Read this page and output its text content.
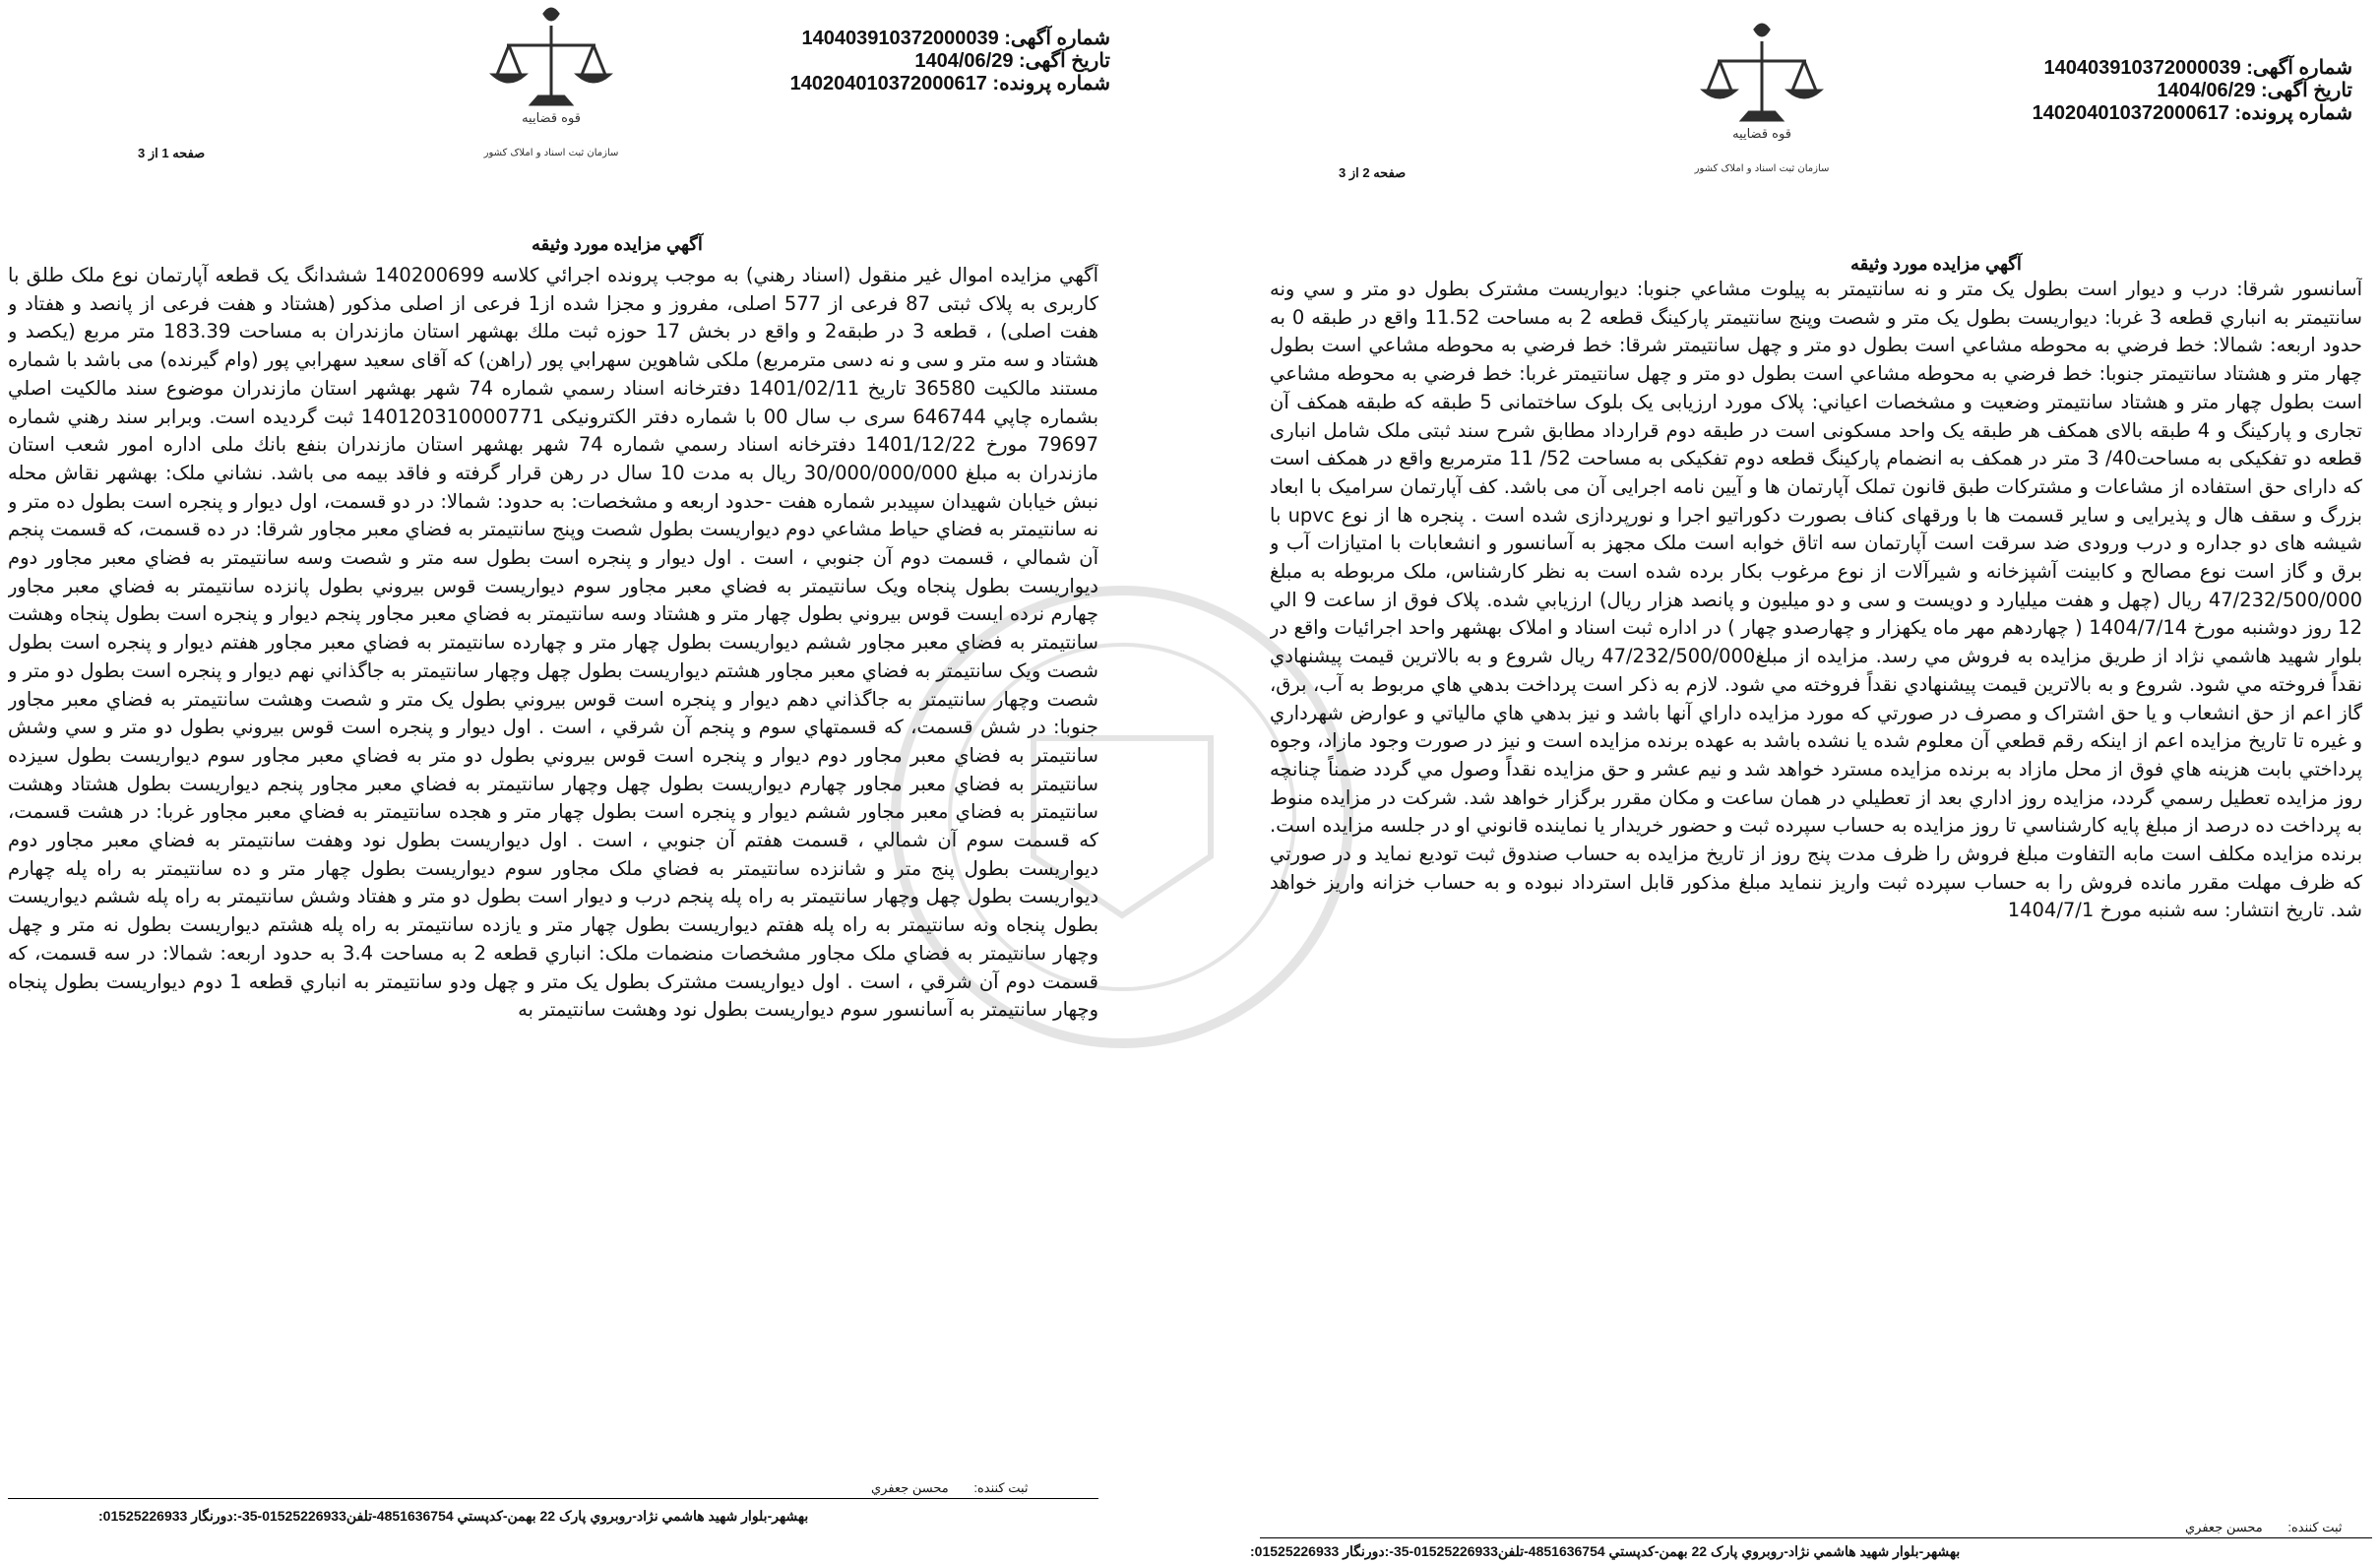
شماره آگهی: 140403910372000039
تاریخ آگهی: 1404/06/29
شماره پرونده: 140204010372000617
قوه قضاییه
سازمان ثبت اسناد و املاک کشور
صفحه 1 از 3
آگهي مزايده مورد وثيقه
آگهي مزايده اموال غير منقول (اسناد رهني) به موجب پرونده اجرائي كلاسه 140200699 ششدانگ يک قطعه آپارتمان نوع ملک طلق با کاربری به پلاک ثبتی 87 فرعی از 577 اصلی، مفروز و مجزا شده از1 فرعی از اصلی مذکور (هشتاد و هفت فرعی از پانصد و هفتاد و هفت اصلی) ، قطعه 3 در طبقه2 و واقع در بخش 17 حوزه ثبت ملك بهشهر استان مازندران به مساحت 183.39 متر مربع (يكصد و هشتاد و سه متر و سی و نه دسی مترمربع) ملكی شاهوين سهرابي پور (راهن) كه آقای سعيد سهرابي پور (وام گيرنده) می باشد با شماره مستند مالكيت 36580 تاريخ 1401/02/11 دفترخانه اسناد رسمي شماره 74 شهر بهشهر استان مازندران موضوع سند مالكيت اصلي بشماره چاپي 646744 سری ب سال 00 با شماره دفتر الكترونيكی 140120310000771 ثبت گرديده است. وبرابر سند رهني شماره 79697 مورخ 1401/12/22 دفترخانه اسناد رسمي شماره 74 شهر بهشهر استان مازندران بنفع بانك ملی اداره امور شعب استان مازندران به مبلغ 30/000/000/000 ريال به مدت 10 سال در رهن قرار گرفته و فاقد بيمه می باشد. نشاني ملک: بهشهر نقاش محله نبش خيابان شهيدان سپيدبر شماره هفت -حدود اربعه و مشخصات: به حدود: شمالا: در دو قسمت، اول ديوار و پنجره است بطول ده متر و نه سانتيمتر به فضاي حياط مشاعي دوم ديواريست بطول شصت وپنج سانتيمتر به فضاي معبر مجاور شرقا: در ده قسمت، كه قسمت پنجم آن شمالي ، قسمت دوم آن جنوبي ، است . اول ديوار و پنجره است بطول سه متر و شصت وسه سانتيمتر به فضاي معبر مجاور دوم ديواريست بطول پنجاه ويک سانتيمتر به فضاي معبر مجاور سوم ديواريست قوس بيروني بطول پانزده سانتيمتر به فضاي معبر مجاور چهارم نرده ايست قوس بيروني بطول چهار متر و هشتاد وسه سانتيمتر به فضاي معبر مجاور پنجم ديوار و پنجره است بطول پنجاه وهشت سانتيمتر به فضاي معبر مجاور ششم ديواريست بطول چهار متر و چهارده سانتيمتر به فضاي معبر مجاور هفتم ديوار و پنجره است بطول شصت ويک سانتيمتر به فضاي معبر مجاور هشتم ديواريست بطول چهل وچهار سانتيمتر به جاگذاني نهم ديوار و پنجره است بطول دو متر و شصت وچهار سانتيمتر به جاگذاني دهم ديوار و پنجره است قوس بيروني بطول يک متر و شصت وهشت سانتيمتر به فضاي معبر مجاور جنوبا: در شش قسمت، كه قسمتهاي سوم و پنجم آن شرقي ، است . اول ديوار و پنجره است قوس بيروني بطول دو متر و سي وشش سانتيمتر به فضاي معبر مجاور دوم ديوار و پنجره است قوس بيروني بطول دو متر به فضاي معبر مجاور سوم ديواريست بطول سيزده سانتيمتر به فضاي معبر مجاور چهارم ديواريست بطول چهل وچهار سانتيمتر به فضاي معبر مجاور پنجم ديواريست بطول هشتاد وهشت سانتيمتر به فضاي معبر مجاور ششم ديوار و پنجره است بطول چهار متر و هجده سانتيمتر به فضاي معبر مجاور غربا: در هشت قسمت، كه قسمت سوم آن شمالي ، قسمت هفتم آن جنوبي ، است . اول ديواريست بطول نود وهفت سانتيمتر به فضاي معبر مجاور دوم ديواريست بطول پنج متر و شانزده سانتيمتر به فضاي ملک مجاور سوم ديواريست بطول چهار متر و ده سانتيمتر به راه پله چهارم ديواريست بطول چهل وچهار سانتيمتر به راه پله پنجم درب و ديوار است بطول دو متر و هفتاد وشش سانتيمتر به راه پله ششم ديواريست بطول پنجاه ونه سانتيمتر به راه پله هفتم ديواريست بطول چهار متر و يازده سانتيمتر به راه پله هشتم ديواريست بطول نه متر و چهل وچهار سانتيمتر به فضاي ملک مجاور مشخصات منضمات ملک: انباري قطعه 2 به مساحت 3.4 به حدود اربعه: شمالا: در سه قسمت، كه قسمت دوم آن شرقي ، است . اول ديواريست مشترک بطول يک متر و چهل ودو سانتيمتر به انباري قطعه 1 دوم ديواريست بطول پنجاه وچهار سانتيمتر به آسانسور سوم ديواريست بطول نود وهشت سانتيمتر به
ثبت کننده: محسن جعفري
بهشهر-بلوار شهيد هاشمي نژاد-روبروي پارک 22 بهمن-کدپستي 4851636754-تلفن01525226933-35-:دورنگار 01525226933:
شماره آگهی: 140403910372000039
تاریخ آگهی: 1404/06/29
شماره پرونده: 140204010372000617
قوه قضاییه
سازمان ثبت اسناد و املاک کشور
صفحه 2 از 3
آگهي مزايده مورد وثيقه
آسانسور شرقا: درب و ديوار است بطول يک متر و نه سانتيمتر به پيلوت مشاعي جنوبا: ديواريست مشترک بطول دو متر و سي ونه سانتيمتر به انباري قطعه 3 غربا: ديواريست بطول يک متر و شصت وپنج سانتيمتر پارکينگ قطعه 2 به مساحت 11.52 واقع در طبقه 0 به حدود اربعه: شمالا: خط فرضي به محوطه مشاعي است بطول دو متر و چهل سانتيمتر شرقا: خط فرضي به محوطه مشاعي است بطول چهار متر و هشتاد سانتيمتر جنوبا: خط فرضي به محوطه مشاعي است بطول دو متر و چهل سانتيمتر غربا: خط فرضي به محوطه مشاعي است بطول چهار متر و هشتاد سانتيمتر وضعيت و مشخصات اعياني: پلاک مورد ارزيابی يک بلوک ساختمانی 5 طبقه که طبقه همکف آن تجاری و پارکينگ و 4 طبقه بالای همکف هر طبقه يک واحد مسکونی است در طبقه دوم قرارداد مطابق شرح سند ثبتی ملک شامل انباری قطعه دو تفکيکی به مساحت40/ 3 متر در همکف به انضمام پارکينگ قطعه دوم تفکيکی به مساحت 52/ 11 مترمربع واقع در همکف است که دارای حق استفاده از مشاعات و مشترکات طبق قانون تملک آپارتمان ها و آيين نامه اجرايی آن می باشد. کف آپارتمان سراميک با ابعاد بزرگ و سقف هال و پذيرايی و ساير قسمت ها با ورقهای کناف بصورت دکوراتيو اجرا و نورپردازی شده است . پنجره ها از نوع upvc با شيشه های دو جداره و درب ورودی ضد سرقت است آپارتمان سه اتاق خوابه است ملک مجهز به آسانسور و انشعابات با امتيازات آب و برق و گاز است نوع مصالح و کابينت آشپزخانه و شيرآلات از نوع مرغوب بکار برده شده است به نظر کارشناس، ملک مربوطه به مبلغ 47/232/500/000 ريال (چهل و هفت ميليارد و دويست و سی و دو ميليون و پانصد هزار ريال) ارزيابي شده. پلاک فوق از ساعت 9 الي 12 روز دوشنبه مورخ 1404/7/14 ( چهاردهم مهر ماه يکهزار و چهارصدو چهار ) در اداره ثبت اسناد و املاک بهشهر واحد اجرائيات واقع در بلوار شهيد هاشمي نژاد از طريق مزايده به فروش مي رسد. مزايده از مبلغ47/232/500/000 ريال شروع و به بالاترين قيمت پيشنهادي نقداً فروخته مي شود. شروع و به بالاترين قيمت پيشنهادي نقداً فروخته مي شود. لازم به ذکر است پرداخت بدهي هاي مربوط به آب، برق، گاز اعم از حق انشعاب و يا حق اشتراک و مصرف در صورتي که مورد مزايده داراي آنها باشد و نيز بدهي هاي مالياتي و عوارض شهرداري و غيره تا تاريخ مزايده اعم از اينکه رقم قطعي آن معلوم شده يا نشده باشد به عهده برنده مزايده است و نيز در صورت وجود مازاد، وجوه پرداختي بابت هزينه هاي فوق از محل مازاد به برنده مزايده مسترد خواهد شد و نيم عشر و حق مزايده نقداً وصول مي گردد ضمناً چنانچه روز مزايده تعطيل رسمي گردد، مزايده روز اداري بعد از تعطيلي در همان ساعت و مکان مقرر برگزار خواهد شد. شرکت در مزايده منوط به پرداخت ده درصد از مبلغ پايه کارشناسي تا روز مزايده به حساب سپرده ثبت و حضور خريدار يا نماينده قانوني او در جلسه مزايده است. برنده مزايده مکلف است مابه التفاوت مبلغ فروش را ظرف مدت پنج روز از تاريخ مزايده به حساب صندوق ثبت توديع نمايد و در صورتي که ظرف مهلت مقرر مانده فروش را به حساب سپرده ثبت واريز ننمايد مبلغ مذکور قابل استرداد نبوده و به حساب خزانه واريز خواهد شد. تاريخ انتشار: سه شنبه مورخ 1404/7/1
ثبت کننده: محسن جعفري
بهشهر-بلوار شهيد هاشمي نژاد-روبروي پارک 22 بهمن-کدپستي 4851636754-تلفن01525226933-35-:دورنگار 01525226933:
